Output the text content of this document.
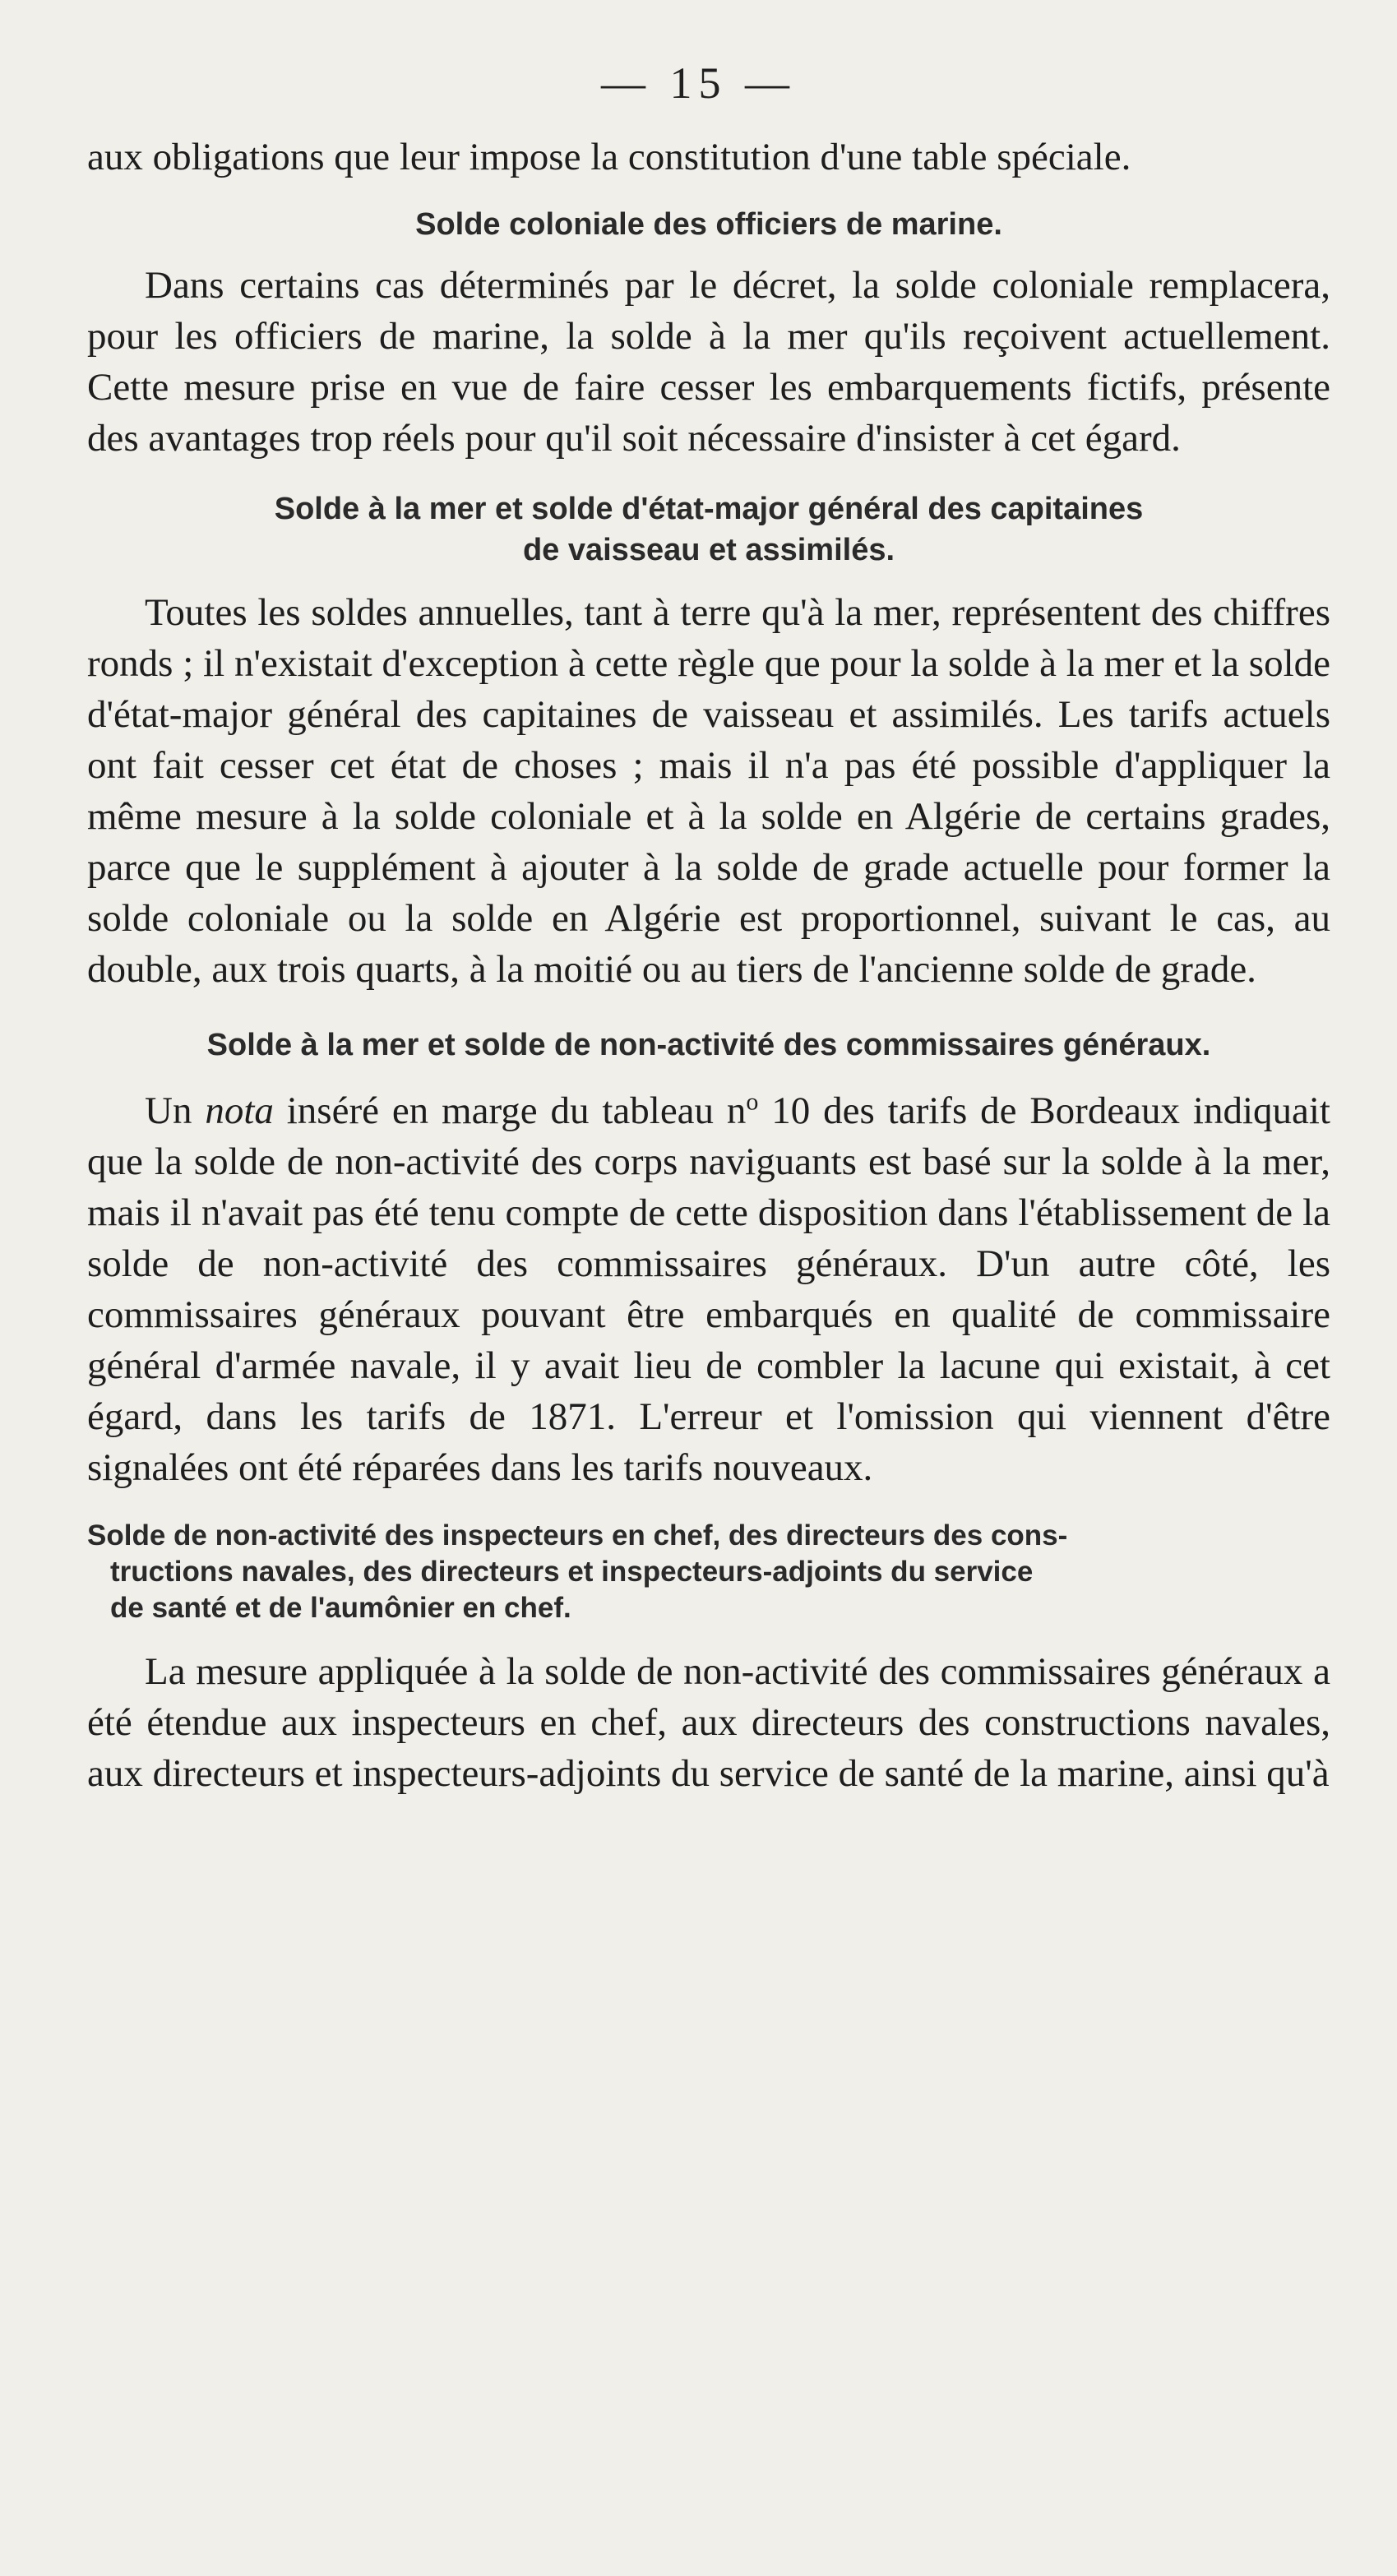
— 15 —

aux obligations que leur impose la constitution d'une table spéciale.

Solde coloniale des officiers de marine.

Dans certains cas déterminés par le décret, la solde coloniale remplacera, pour les officiers de marine, la solde à la mer qu'ils reçoivent actuellement. Cette mesure prise en vue de faire cesser les embarquements fictifs, présente des avantages trop réels pour qu'il soit nécessaire d'insister à cet égard.

Solde à la mer et solde d'état-major général des capitaines
de vaisseau et assimilés.

Toutes les soldes annuelles, tant à terre qu'à la mer, représentent des chiffres ronds ; il n'existait d'exception à cette règle que pour la solde à la mer et la solde d'état-major général des capitaines de vaisseau et assimilés. Les tarifs actuels ont fait cesser cet état de choses ; mais il n'a pas été possible d'appliquer la même mesure à la solde coloniale et à la solde en Algérie de certains grades, parce que le supplément à ajouter à la solde de grade actuelle pour former la solde coloniale ou la solde en Algérie est proportionnel, suivant le cas, au double, aux trois quarts, à la moitié ou au tiers de l'ancienne solde de grade.

Solde à la mer et solde de non-activité des commissaires généraux.

Un nota inséré en marge du tableau $n^o$ 10 des tarifs de Bordeaux indiquait que la solde de non-activité des corps naviguants est basé sur la solde à la mer, mais il n'avait pas été tenu compte de cette disposition dans l'établissement de la solde de non-activité des commissaires généraux. D'un autre côté, les commissaires généraux pouvant être embarqués en qualité de commissaire général d'armée navale, il y avait lieu de combler la lacune qui existait, à cet égard, dans les tarifs de 1871. L'erreur et l'omission qui viennent d'être signalées ont été réparées dans les tarifs nouveaux.

Solde de non-activité des inspecteurs en chef, des directeurs des cons-
tructions navales, des directeurs et inspecteurs-adjoints du service
de santé et de l'aumônier en chef.

La mesure appliquée à la solde de non-activité des commissaires généraux a été étendue aux inspecteurs en chef, aux directeurs des constructions navales, aux directeurs et inspecteurs-adjoints du service de santé de la marine, ainsi qu'à
